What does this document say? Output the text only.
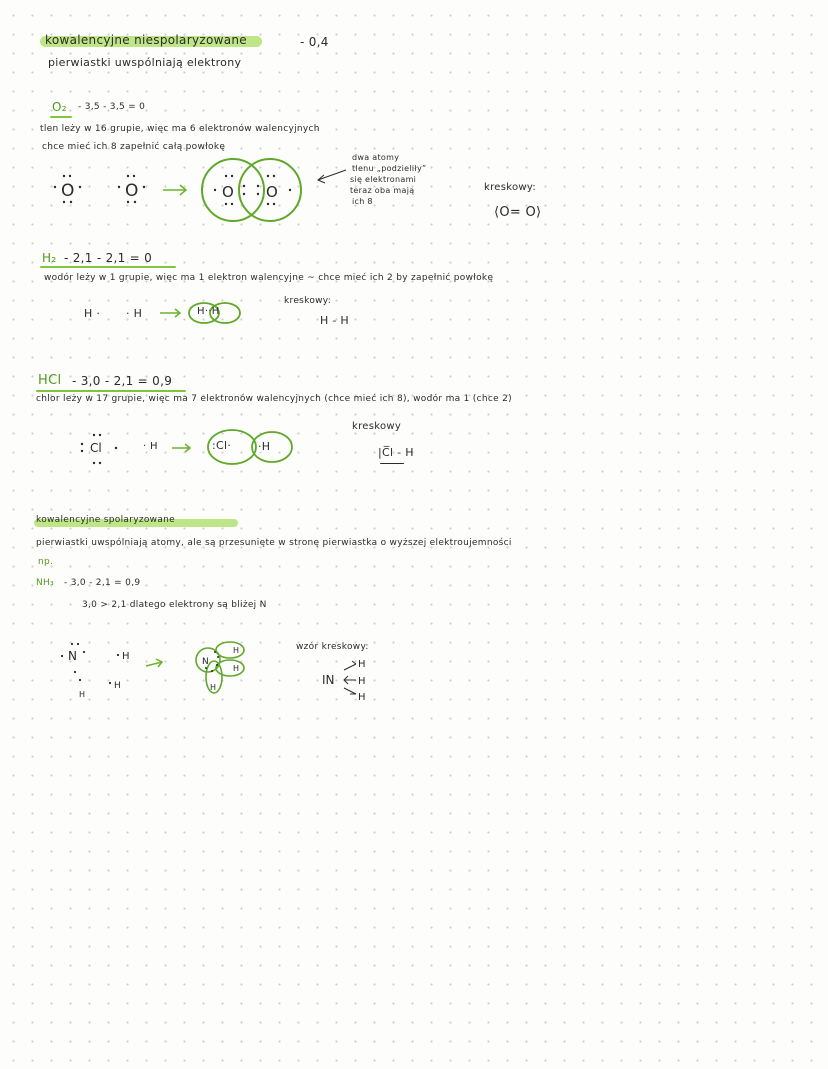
kowalencyjne niespolaryzowane	- 0,4
pierwiastki uwspólniają elektrony
O₂ - 3,5 - 3,5 = 0
tlen leży w 16 grupie, więc ma 6 elektronów walencyjnych
chce mieć ich 8 zapełnić całą powłokę
O	O	O O
dwa atomy
tlenu „podzieliły”
się elektronami
teraz oba mają
ich 8
kreskowy:
⟨O= O⟩
H₂ - 2,1 - 2,1 = 0
wodór leży w 1 grupie, więc ma 1 elektron walencyjne ~ chce mieć ich 2 by zapełnić powłokę
H · · H	H··H
kreskowy:
H - H
HCl - 3,0 - 2,1 = 0,9
chlor leży w 17 grupie, więc ma 7 elektronów walencyjnych (chce mieć ich 8), wodór ma 1 (chce 2)
Cl	· H	:Cl· ·H
kreskowy
|C̅l - H
kowalencyjne spolaryzowane
pierwiastki uwspólniają atomy, ale są przesunięte w stronę pierwiastka o wyższej elektroujemności
np.
NH₃ - 3,0 - 2,1 = 0,9
3,0 > 2,1 dlatego elektrony są bliżej N
N	H
H
H
N
H
H
H
IN
H
H
H
wzór kreskowy:
